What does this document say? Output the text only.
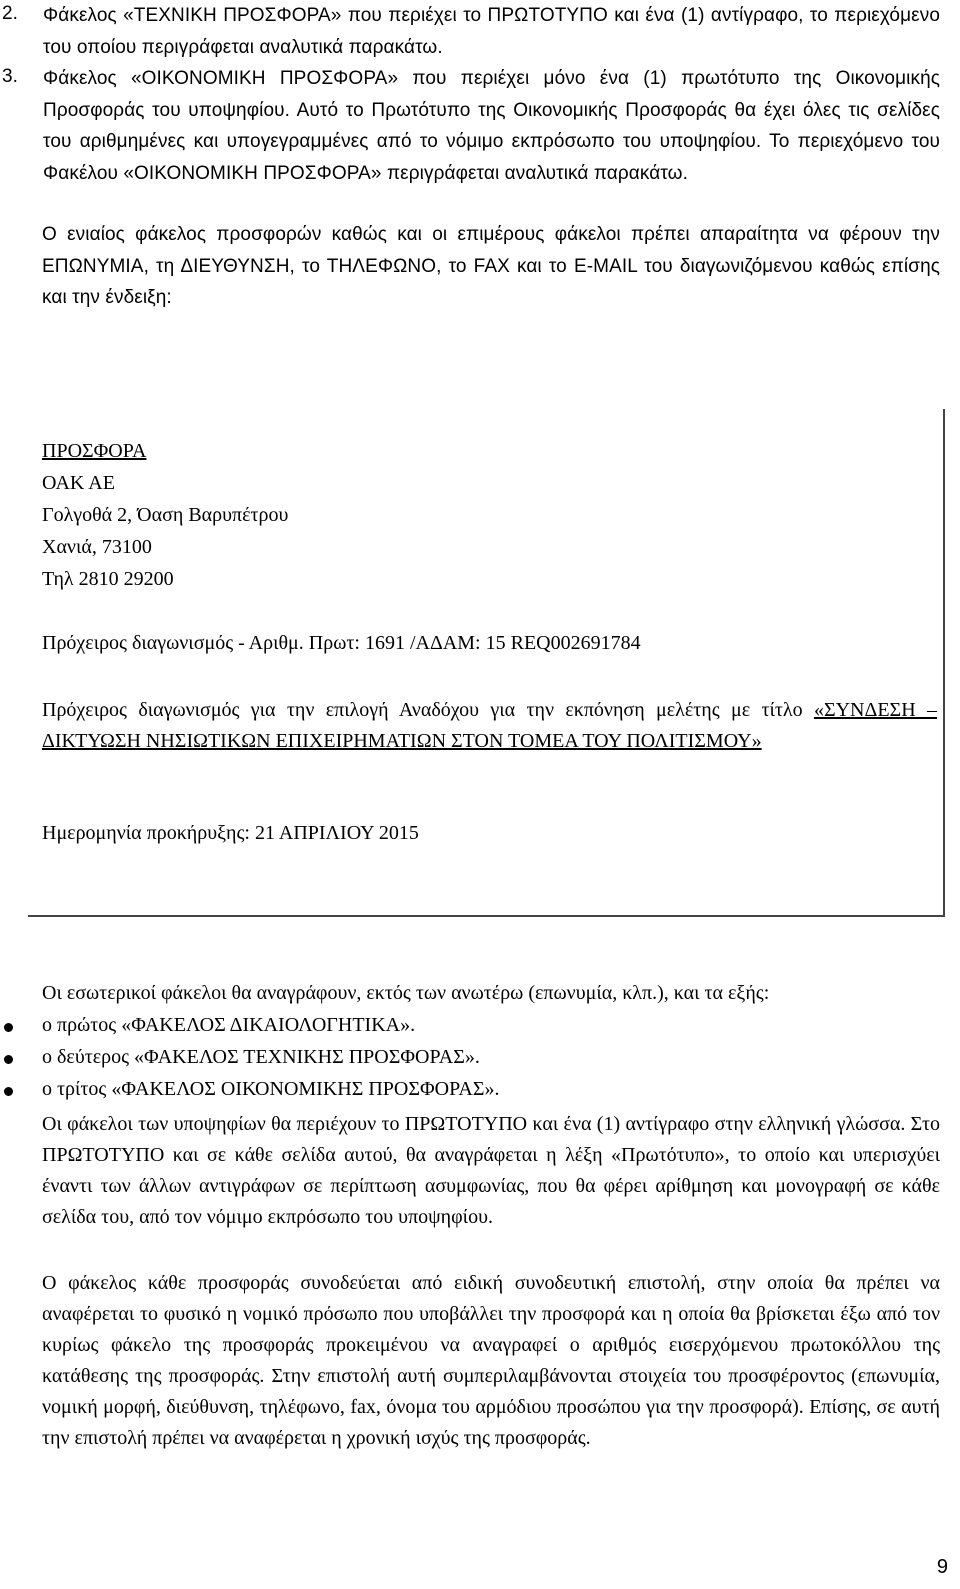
2.	Φάκελος «ΤΕΧΝΙΚΗ ΠΡΟΣΦΟΡΑ» που περιέχει το ΠΡΩΤΟΤΥΠΟ και ένα (1) αντίγραφο, το περιεχόμενο του οποίου περιγράφεται αναλυτικά παρακάτω.
3.	Φάκελος «ΟΙΚΟΝΟΜΙΚΗ ΠΡΟΣΦΟΡΑ» που περιέχει μόνο ένα (1) πρωτότυπο της Οικονομικής Προσφοράς του υποψηφίου. Αυτό το Πρωτότυπο της Οικονομικής Προσφοράς θα έχει όλες τις σελίδες του αριθμημένες και υπογεγραμμένες από το νόμιμο εκπρόσωπο του υποψηφίου. Το περιεχόμενο του Φακέλου «ΟΙΚΟΝΟΜΙΚΗ ΠΡΟΣΦΟΡΑ» περιγράφεται αναλυτικά παρακάτω.
Ο ενιαίος φάκελος προσφορών καθώς και οι επιμέρους φάκελοι πρέπει απαραίτητα να φέρουν την ΕΠΩΝΥΜΙΑ, τη ΔΙΕΥΘΥΝΣΗ, το ΤΗΛΕΦΩΝΟ, το FAX και το E-MAIL του διαγωνιζόμενου καθώς επίσης και την ένδειξη:
ΠΡΟΣΦΟΡΑ
ΟΑΚ ΑΕ
Γολγοθά 2, Όαση Βαρυπέτρου
Χανιά, 73100
Τηλ 2810 29200
Πρόχειρος διαγωνισμός - Αριθμ. Πρωτ: 1691 /ΑΔΑΜ: 15 REQ002691784
Πρόχειρος διαγωνισμός για την επιλογή Αναδόχου για την εκπόνηση μελέτης με τίτλο «ΣΥΝΔΕΣΗ – ΔΙΚΤΥΩΣΗ ΝΗΣΙΩΤΙΚΩΝ ΕΠΙΧΕΙΡΗΜΑΤΙΩΝ ΣΤΟΝ ΤΟΜΕΑ ΤΟΥ ΠΟΛΙΤΙΣΜΟΥ»
Ημερομηνία προκήρυξης: 21 ΑΠΡΙΛΙΟΥ 2015
Οι εσωτερικοί φάκελοι θα αναγράφουν, εκτός των ανωτέρω (επωνυμία, κλπ.), και τα εξής:
ο πρώτος «ΦΑΚΕΛΟΣ ΔΙΚΑΙΟΛΟΓΗΤΙΚΑ».
ο δεύτερος «ΦΑΚΕΛΟΣ ΤΕΧΝΙΚΗΣ ΠΡΟΣΦΟΡΑΣ».
ο τρίτος «ΦΑΚΕΛΟΣ ΟΙΚΟΝΟΜΙΚΗΣ ΠΡΟΣΦΟΡΑΣ».
Οι φάκελοι των υποψηφίων θα περιέχουν το ΠΡΩΤΟΤΥΠΟ και ένα (1) αντίγραφο στην ελληνική γλώσσα. Στο ΠΡΩΤΟΤΥΠΟ και σε κάθε σελίδα αυτού, θα αναγράφεται η λέξη «Πρωτότυπο», το οποίο και υπερισχύει έναντι των άλλων αντιγράφων σε περίπτωση ασυμφωνίας, που θα φέρει αρίθμηση και μονογραφή σε κάθε σελίδα του, από τον νόμιμο εκπρόσωπο του υποψηφίου.
Ο φάκελος κάθε προσφοράς συνοδεύεται από ειδική συνοδευτική επιστολή, στην οποία θα πρέπει να αναφέρεται το φυσικό η νομικό πρόσωπο που υποβάλλει την προσφορά και η οποία θα βρίσκεται έξω από τον κυρίως φάκελο της προσφοράς προκειμένου να αναγραφεί ο αριθμός εισερχόμενου πρωτοκόλλου της κατάθεσης της προσφοράς. Στην επιστολή αυτή συμπεριλαμβάνονται στοιχεία του προσφέροντος (επωνυμία, νομική μορφή, διεύθυνση, τηλέφωνο, fax, όνομα του αρμόδιου προσώπου για την προσφορά). Επίσης, σε αυτή την επιστολή πρέπει να αναφέρεται η χρονική ισχύς της προσφοράς.
9
